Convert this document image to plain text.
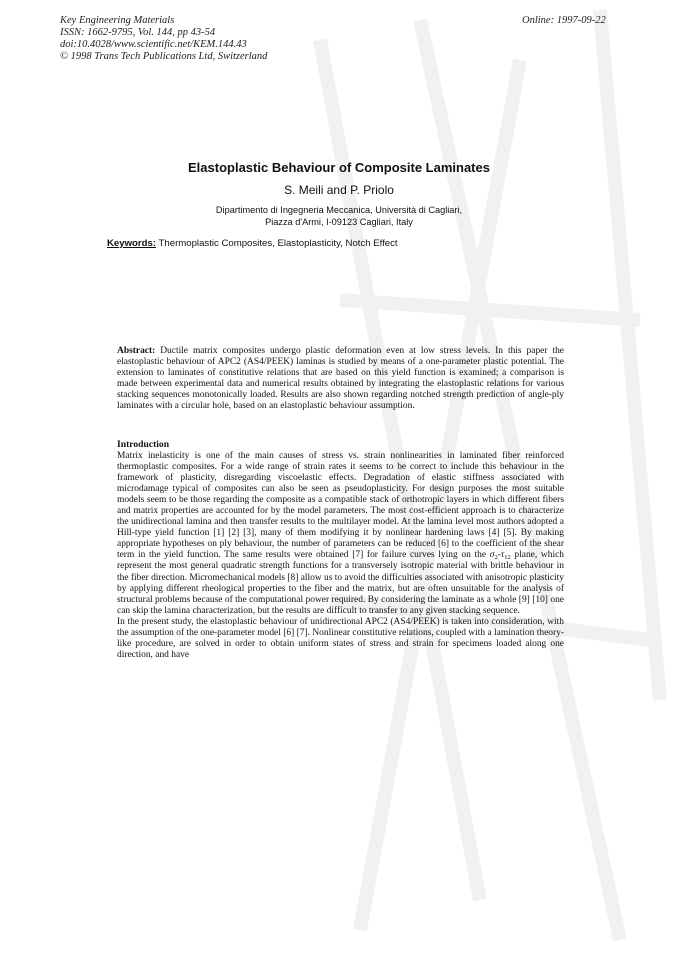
Key Engineering Materials
ISSN: 1662-9795, Vol. 144, pp 43-54
doi:10.4028/www.scientific.net/KEM.144.43
© 1998 Trans Tech Publications Ltd, Switzerland
Online: 1997-09-22
Elastoplastic Behaviour of Composite Laminates
S. Meili and P. Priolo
Dipartimento di Ingegneria Meccanica, Università di Cagliari,
Piazza d'Armi, I-09123 Cagliari, Italy
Keywords: Thermoplastic Composites, Elastoplasticity, Notch Effect

Abstract: Ductile matrix composites undergo plastic deformation even at low stress levels. In this paper the elastoplastic behaviour of APC2 (AS4/PEEK) laminas is studied by means of a one-parameter plastic potential. The extension to laminates of constitutive relations that are based on this yield function is examined; a comparison is made between experimental data and numerical results obtained by integrating the elastoplastic relations for various stacking sequences monotonically loaded. Results are also shown regarding notched strength prediction of angle-ply laminates with a circular hole, based on an elastoplastic behaviour assumption.

Introduction

Matrix inelasticity is one of the main causes of stress vs. strain nonlinearities in laminated fiber reinforced thermoplastic composites. For a wide range of strain rates it seems to be correct to include this behaviour in the framework of plasticity, disregarding viscoelastic effects. Degradation of elastic stiffness associated with microdamage typical of composites can also be seen as pseudoplasticity. For design purposes the most suitable models seem to be those regarding the composite as a compatible stack of orthotropic layers in which different fibers and matrix properties are accounted for by the model parameters. The most cost-efficient approach is to characterize the unidirectional lamina and then transfer results to the multilayer model. At the lamina level most authors adopted a Hill-type yield function [1] [2] [3], many of them modifying it by nonlinear hardening laws [4] [5]. By making appropriate hypotheses on ply behaviour, the number of parameters can be reduced [6] to the coefficient of the shear term in the yield function. The same results were obtained [7] for failure curves lying on the $\sigma_2-\tau_{12}$ plane, which represent the most general quadratic strength functions for a transversely isotropic material with brittle behaviour in the fiber direction. Micromechanical models [8] allow us to avoid the difficulties associated with anisotropic plasticity by applying different rheological properties to the fiber and the matrix, but are often unsuitable for the analysis of structural problems because of the computational power required. By considering the laminate as a whole [9] [10] one can skip the lamina characterization, but the results are difficult to transfer to any given stacking sequence.

In the present study, the elastoplastic behaviour of unidirectional APC2 (AS4/PEEK) is taken into consideration, with the assumption of the one-parameter model [6] [7]. Nonlinear constitutive relations, coupled with a lamination theory-like procedure, are solved in order to obtain uniform states of stress and strain for specimens loaded along one direction, and have
